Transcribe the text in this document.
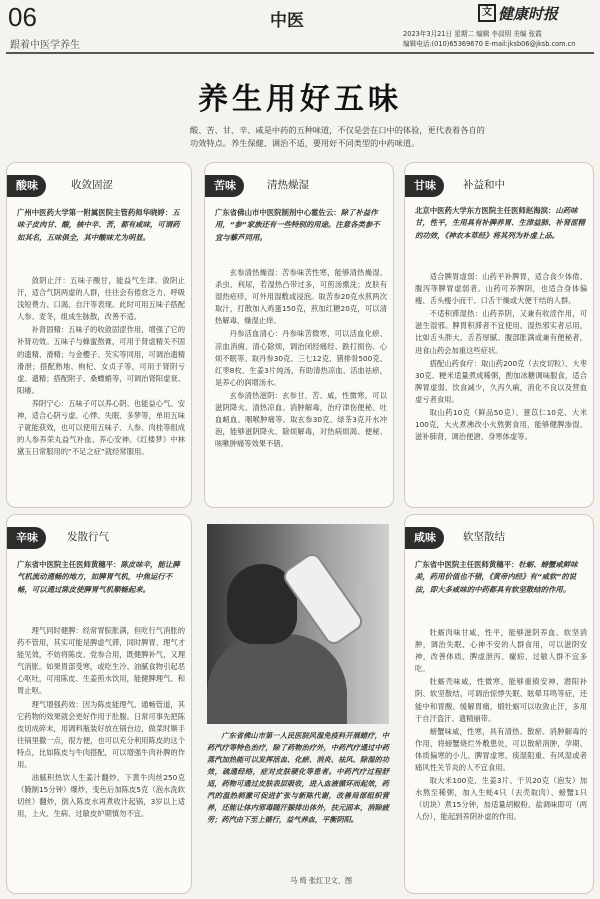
06
跟着中医学养生
中医	文 健康时报
2023年3月21日 星期二 编辑 李叔明 美编 张霞
编辑电话:(010)65369670 E-mail:jksb06@jksb.com.cn
养生用好五味
酸、苦、甘、辛、咸是中药的五种味道，不仅是尝在口中的体验，更代表着各自的功效特点。养生保健、调治不适，要用好不同类型的中药味道。
酸味	收敛固涩
广州中医药大学第一附属医院主管药师华晓婷：五味子皮肉甘、酸，核中辛、苦，都有咸味，可谓药如其名，五味俱全，其中酸味尤为明显。

敛阴止汗：五味子酸甘，能益气生津、敛阴止汗，适合气阴两虚的人群，往往会有倦怠乏力、呼吸浅短费力、口渴、自汗等表现。此时可用五味子搭配人参、麦冬，组成生脉散，改善不适。

补肾固精：五味子的收敛固涩作用，增强了它的补肾功效。五味子与蜂蜜熬膏，可用于肾虚精关不固的遗精、滑精；与金樱子、芡实等同用，可调治遗精滑泄；搭配熟地、枸杞、女贞子等，可用于肾阴亏虚、遗精；搭配附子、桑螵蛸等，可调治肾阳虚衰、阳痿。

养阴宁心：五味子可以养心阴、也能益心气、安神，适合心阴亏虚、心悸、失眠、多梦等，单用五味子就能获效，也可以使用五味子、人参、肉桂等组成的人参养荣丸益气补血、养心安神。《红楼梦》中林黛玉日常服用的“不足之症”就经常服用。

苦味	清热燥湿
广东省佛山市中医院制剂中心霍佐云：除了补益作用，“参”家族还有一些特别的用途。注意各类参不宜与藜芦同用。

玄参清热燥湿：苦参味苦性寒，能够清热燥湿、杀虫、利尿，若湿热凸带过多，可煎汤熏洗；皮肤有湿热疮疹，可外用湿敷或浸泡。取苦参20克水煎两次取汁，打散加入鸡蛋150克，煎加红糖20克，可以清热解毒、燥湿止痒。

丹参活血清心：丹参味苦微寒，可以活血化瘀、凉血消痈、清心除烦，调治闭经痛经、跌打损伤、心烦不眠等。取丹参30克、三七12克、猪排骨500克、红枣8枚、生姜3片炖汤，有助清热凉血、活血祛瘀，是养心的润增汤水。

玄参清热滋阴：玄参甘、苦、咸，性微寒，可以滋阴降火、清热凉血、消肿解毒，治疗津伤便秘、吐血衄血、咽喉肿痛等。取玄参30克、绿茶3克开水冲泡，能够滋阴降火、除烦解毒，对热病烦渴、便秘、咳嗽肿痛等效果不错。

甘味	补益和中
北京中医药大学东方医院主任医师赵海滨：山药味甘，性平，生用具有补脾养胃、生津益肺、补肾涩精的功效，《神农本草经》将其列为补虚上品。

适合脾胃虚弱：山药平补脾胃，适合食少体倦、腹泻等脾胃虚弱者。山药可养脾阴，也适合身体偏瘦、舌头瘦小而干、口舌干燥或大便干结的人群。

不适积滞湿热：山药养阴，又兼有收涩作用，可滋生湿邪。脾胃积滞者不宜使用。湿热邪实者忌用，比如舌头胖大、舌苔厚腻、腹部胀满或兼有便秘者，进食山药会加重这些症状。

搭配山药食疗：取山药200克（去皮切粒）、大枣30克、粳米适量煮成稀粥，酌加冰糖调味服食，适合脾胃虚弱、饮食减少，久泻久痢，消化不良以及营血虚亏者食用。

取山药10克（鲜品50克）、薏苡仁10克、大米100克，大火煮沸改小火熬粥食用，能够健脾渗湿、滋补肺肾，调治便溏、身寒体虚等。

辛味	发散行气
广东省中医院主任医师黄穗平：陈皮味辛，能让脾气机流动通畅的地方，如脾胃气机，中焦运行不畅，可以通过陈皮使脾胃气机顺畅起来。

理气同时健脾：经常胃脘胀满，但吃行气消胀的药不管用，其实可能是脾虚气滞，同时脾胃、理气才能见效，不妨将陈皮、党参合用，既健脾补气，又理气消胀。如果胃部受寒，或吃生冷、油腻食物引起恶心呕吐，可用陈皮、生姜煎水饮用，能健脾理气、和胃止呕。

理气增强药效：因为陈皮能理气、通畅管道，其它药物的效果就会更好作用于肚腹。日常可事先把陈皮切成碎末，用调料瓶装好放在锅台边，做菜时顺手往锅里撒一点，很方便，也可以充分利用陈皮的这个特点，比如陈皮与牛肉搭配，可以增强牛肉补脾的作用。

油腻积热饮人生姜汁翻炒，下黄牛肉丝250克（腌制15分钟）爆炒，变色后加陈皮5克（泡水洗软切丝）翻炒，倒入陈皮水再煮收汁起锅，3岁以上适用，上火、生病、过敏皮炉期慎勿不宜。

广东省佛山市第一人民医院风湿免疫科开展蜡疗，中药汽疗等特色治疗，除了药物治疗外，中药汽疗通过中药蒸汽加热能可以发挥活血、化瘀、消炎、祛风、除湿的功效，疏通经络，症对皮肤硬化等患者。中药汽疗过程舒适，药物可通过皮肤表层吸收，进入血液循环而起效，药汽的温热刺激可促进扩张与新陈代谢，改善局部组织营养，还能让体内邪毒随汗腺排出体外，扶元固本，消除疲劳；药汽由下至上循行，益气养血，平衡阴阳。
马 绮 张红卫文、图
咸味	软坚散结
广东省中医院主任医师黄穗平：牡蛎、螃蟹咸鲜味美，药用价值也不错，《黄帝内经》有“咸软”的说法，即大多咸味的中药都具有软坚散结的作用。

牡蛎肉味甘咸，性平，能够滋阴养血、软坚消肿，调治失眠、心神不安的人群食用，可以滋阴安神，改善体质、脾虚泄泻、瘰疬、过敏人群不宜多吃。

牡蛎壳味咸，性微寒，能够重镇安神、潜阳补阴、软坚散结，可调治惊悸失眠、眩晕耳鸣等症，还能中和胃酸、缓解胃痛，煅牡蛎可以收敛止汗，多用于自汗盗汗、遗精崩带。

螃蟹味咸，性寒，具有清热、散瘀、消肿解毒的作用，将螃蟹烧烂外敷患处，可以散瘀消肿，孕期、体质偏寒的小儿、脾胃虚寒、痰湿阻重、有风湿或者痛风性关节炎的人不宜食用。

取大米100克、生姜3片、干贝20克（泡发）加水熬至稀粥，加入生蚝4只（去壳取肉）、螃蟹1只（切块）煮15分钟，加适量胡椒粉、盐调味即可（两人份），能起到养阴补虚的作用。
